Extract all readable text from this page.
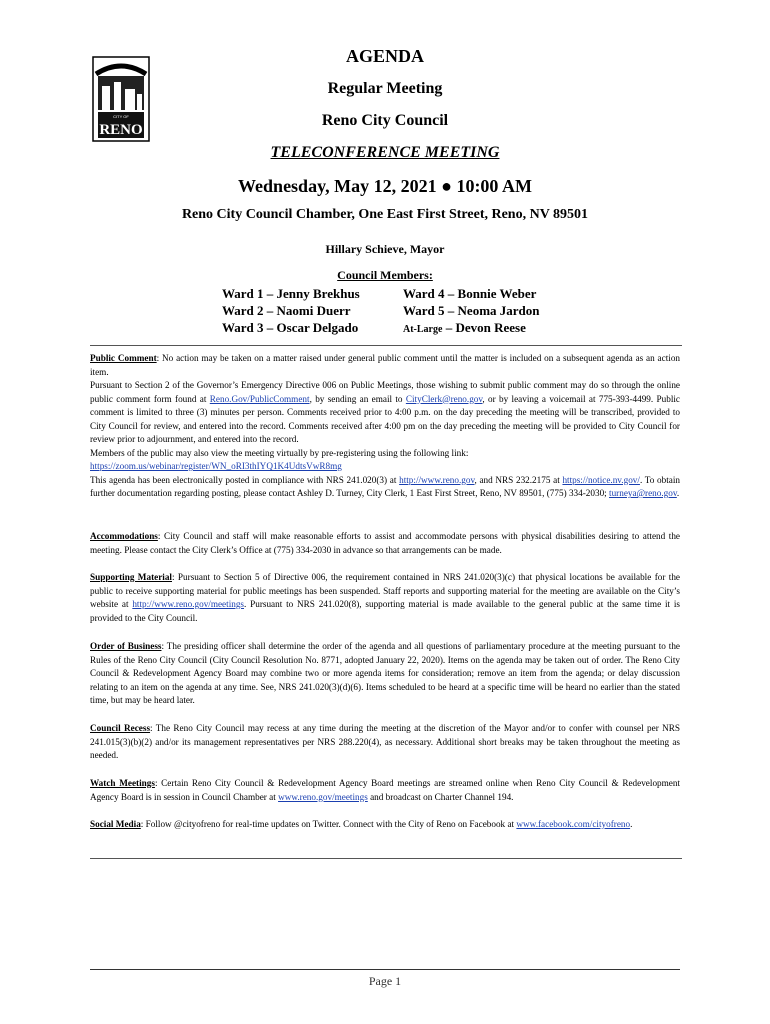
CITY OF
RENO
AGENDA
Regular Meeting
Reno City Council
TELECONFERENCE MEETING
Wednesday, May 12, 2021 ● 10:00 AM
Reno City Council Chamber, One East First Street, Reno, NV 89501
Hillary Schieve, Mayor
Council Members:
Ward 1 – Jenny Brekhus
Ward 2 – Naomi Duerr
Ward 3 – Oscar Delgado
Ward 4 – Bonnie Weber
Ward 5 – Neoma Jardon
At-Large – Devon Reese
Public Comment: No action may be taken on a matter raised under general public comment until the matter is included on a subsequent agenda as an action item.
Pursuant to Section 2 of the Governor’s Emergency Directive 006 on Public Meetings, those wishing to submit public comment may do so through the online public comment form found at Reno.Gov/PublicComment, by sending an email to CityClerk@reno.gov, or by leaving a voicemail at 775-393-4499. Public comment is limited to three (3) minutes per person. Comments received prior to 4:00 p.m. on the day preceding the meeting will be transcribed, provided to City Council for review, and entered into the record. Comments received after 4:00 pm on the day preceding the meeting will be provided to City Council for review prior to adjournment, and entered into the record.
Members of the public may also view the meeting virtually by pre-registering using the following link:
https://zoom.us/webinar/register/WN_oRI3thIYQ1K4UdtsVwR8mg
This agenda has been electronically posted in compliance with NRS 241.020(3) at http://www.reno.gov, and NRS 232.2175 at https://notice.nv.gov/. To obtain further documentation regarding posting, please contact Ashley D. Turney, City Clerk, 1 East First Street, Reno, NV 89501, (775) 334-2030; turneya@reno.gov.
Accommodations: City Council and staff will make reasonable efforts to assist and accommodate persons with physical disabilities desiring to attend the meeting. Please contact the City Clerk’s Office at (775) 334-2030 in advance so that arrangements can be made.
Supporting Material: Pursuant to Section 5 of Directive 006, the requirement contained in NRS 241.020(3)(c) that physical locations be available for the public to receive supporting material for public meetings has been suspended. Staff reports and supporting material for the meeting are available on the City’s website at http://www.reno.gov/meetings. Pursuant to NRS 241.020(8), supporting material is made available to the general public at the same time it is provided to the City Council.
Order of Business: The presiding officer shall determine the order of the agenda and all questions of parliamentary procedure at the meeting pursuant to the Rules of the Reno City Council (City Council Resolution No. 8771, adopted January 22, 2020). Items on the agenda may be taken out of order. The Reno City Council & Redevelopment Agency Board may combine two or more agenda items for consideration; remove an item from the agenda; or delay discussion relating to an item on the agenda at any time. See, NRS 241.020(3)(d)(6). Items scheduled to be heard at a specific time will be heard no earlier than the stated time, but may be heard later.
Council Recess: The Reno City Council may recess at any time during the meeting at the discretion of the Mayor and/or to confer with counsel per NRS 241.015(3)(b)(2) and/or its management representatives per NRS 288.220(4), as necessary. Additional short breaks may be taken throughout the meeting as needed.
Watch Meetings: Certain Reno City Council & Redevelopment Agency Board meetings are streamed online when Reno City Council & Redevelopment Agency Board is in session in Council Chamber at www.reno.gov/meetings and broadcast on Charter Channel 194.
Social Media: Follow @cityofreno for real-time updates on Twitter. Connect with the City of Reno on Facebook at www.facebook.com/cityofreno.
Page 1
